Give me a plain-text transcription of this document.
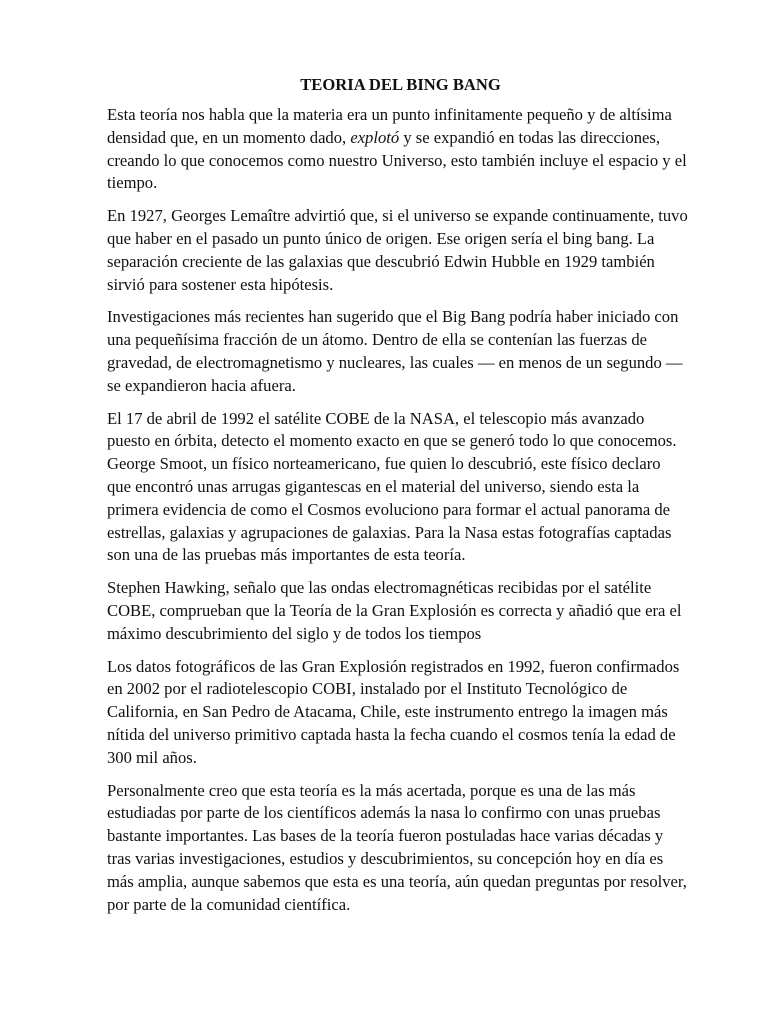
TEORIA DEL BING BANG

Esta teoría nos habla que la materia era un punto infinitamente pequeño y de altísima densidad que, en un momento dado, explotó y se expandió en todas las direcciones, creando lo que conocemos como nuestro Universo, esto también incluye el espacio y el tiempo.

En 1927, Georges Lemaître advirtió que, si el universo se expande continuamente, tuvo que haber en el pasado un punto único de origen. Ese origen sería el bing bang. La separación creciente de las galaxias que descubrió Edwin Hubble en 1929 también sirvió para sostener esta hipótesis.

Investigaciones más recientes han sugerido que el Big Bang podría haber iniciado con una pequeñísima fracción de un átomo. Dentro de ella se contenían las fuerzas de gravedad, de electromagnetismo y nucleares, las cuales — en menos de un segundo — se expandieron hacia afuera.

El 17 de abril de 1992 el satélite COBE de la NASA, el telescopio más avanzado puesto en órbita, detecto el momento exacto en que se generó todo lo que conocemos. George Smoot, un físico norteamericano, fue quien lo descubrió, este físico declaro que encontró unas arrugas gigantescas en el material del universo, siendo esta la primera evidencia de como el Cosmos evoluciono para formar el actual panorama de estrellas, galaxias y agrupaciones de galaxias. Para la Nasa estas fotografías captadas son una de las pruebas más importantes de esta teoría.

Stephen Hawking, señalo que las ondas electromagnéticas recibidas por el satélite COBE, comprueban que la Teoría de la Gran Explosión es correcta y añadió que era el máximo descubrimiento del siglo y de todos los tiempos

Los datos fotográficos de las Gran Explosión registrados en 1992, fueron confirmados en 2002 por el radiotelescopio COBI, instalado por el Instituto Tecnológico de California, en San Pedro de Atacama, Chile, este instrumento entrego la imagen más nítida del universo primitivo captada hasta la fecha cuando el cosmos tenía la edad de 300 mil años.

Personalmente creo que esta teoría es la más acertada, porque es una de las más estudiadas por parte de los científicos además la nasa lo confirmo con unas pruebas bastante importantes. Las bases de la teoría fueron postuladas hace varias décadas y tras varias investigaciones, estudios y descubrimientos, su concepción hoy en día es más amplia, aunque sabemos que esta es una teoría, aún quedan preguntas por resolver, por parte de la comunidad científica.
